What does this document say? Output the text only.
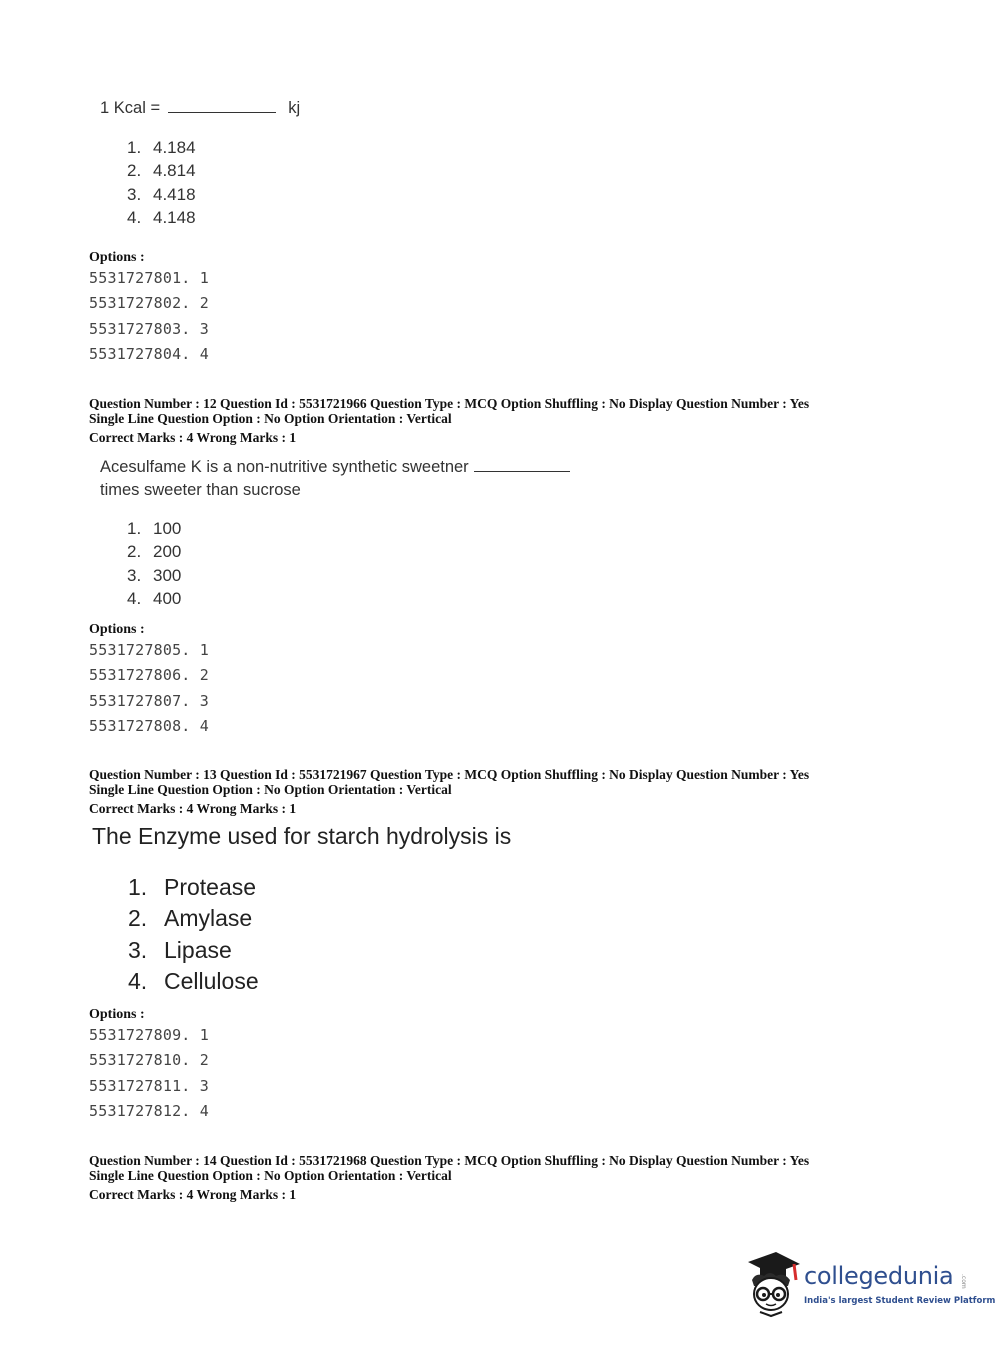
1 Kcal =	kj
1. 4.184
2. 4.814
3. 4.418
4. 4.148
Options :
5531727801. 1
5531727802. 2
5531727803. 3
5531727804. 4
Question Number : 12 Question Id : 5531721966 Question Type : MCQ Option Shuffling : No Display Question Number : Yes
Single Line Question Option : No Option Orientation : Vertical
Correct Marks : 4 Wrong Marks : 1
Acesulfame K is a non-nutritive synthetic sweetner
times sweeter than sucrose
1. 100
2. 200
3. 300
4. 400
Options :
5531727805. 1
5531727806. 2
5531727807. 3
5531727808. 4
Question Number : 13 Question Id : 5531721967 Question Type : MCQ Option Shuffling : No Display Question Number : Yes
Single Line Question Option : No Option Orientation : Vertical
Correct Marks : 4 Wrong Marks : 1
The Enzyme used for starch hydrolysis is
1. Protease
2. Amylase
3. Lipase
4. Cellulose
Options :
5531727809. 1
5531727810. 2
5531727811. 3
5531727812. 4
Question Number : 14 Question Id : 5531721968 Question Type : MCQ Option Shuffling : No Display Question Number : Yes
Single Line Question Option : No Option Orientation : Vertical
Correct Marks : 4 Wrong Marks : 1
collegedunia .com
India's largest Student Review Platform
